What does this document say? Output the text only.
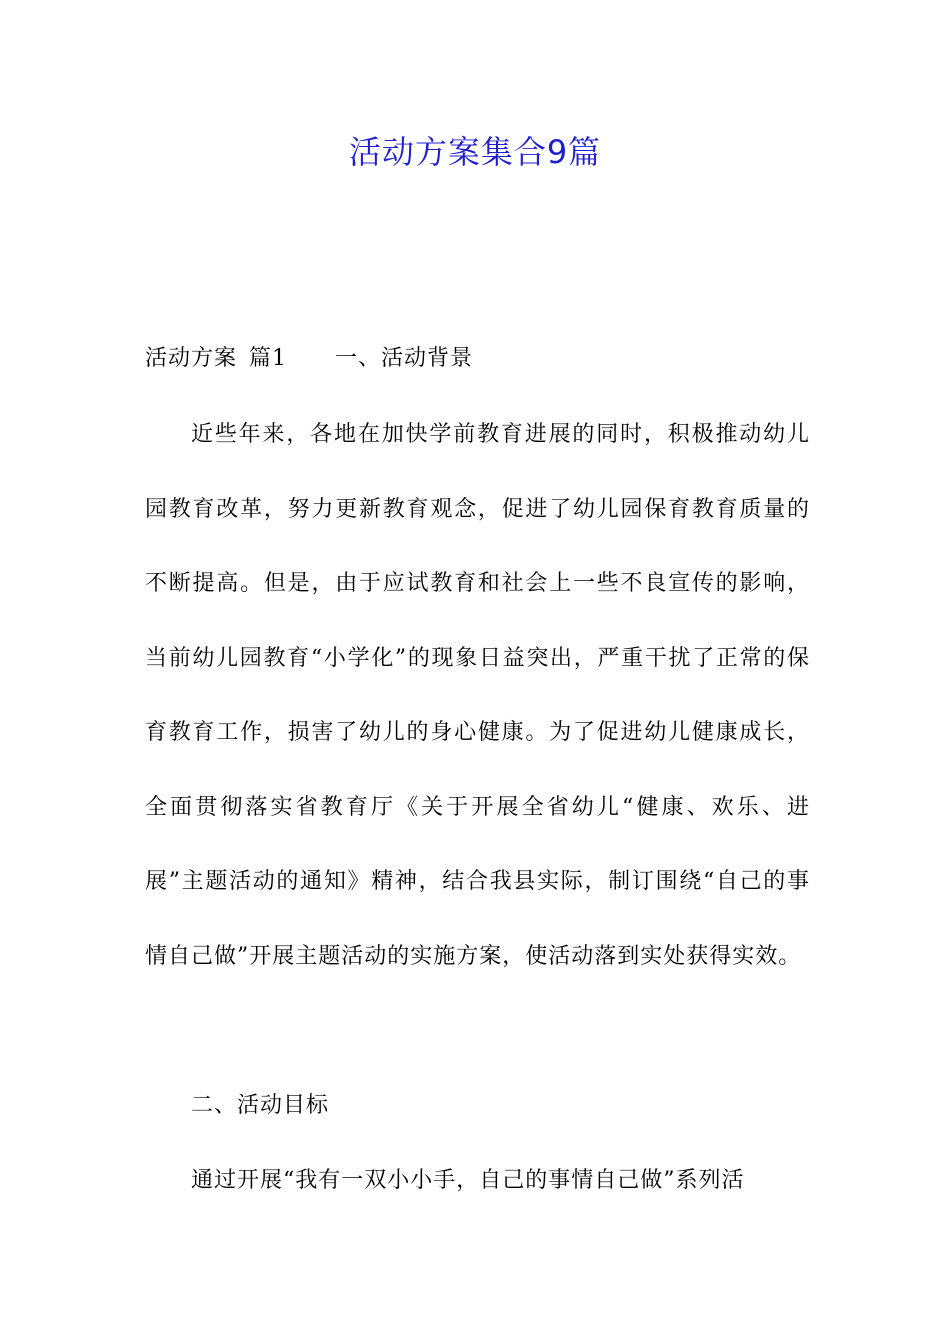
活动方案集合9篇
活动方案 篇1 一、活动背景

近些年来，各地在加快学前教育进展的同时，积极推动幼儿园教育改革，努力更新教育观念，促进了幼儿园保育教育质量的不断提高。但是，由于应试教育和社会上一些不良宣传的影响，当前幼儿园教育“小学化”的现象日益突出，严重干扰了正常的保育教育工作，损害了幼儿的身心健康。为了促进幼儿健康成长，全面贯彻落实省教育厅《关于开展全省幼儿“健康、欢乐、进展”主题活动的通知》精神，结合我县实际，制订围绕“自己的事情自己做”开展主题活动的实施方案，使活动落到实处获得实效。

二、活动目标

通过开展“我有一双小小手，自己的事情自己做”系列活
